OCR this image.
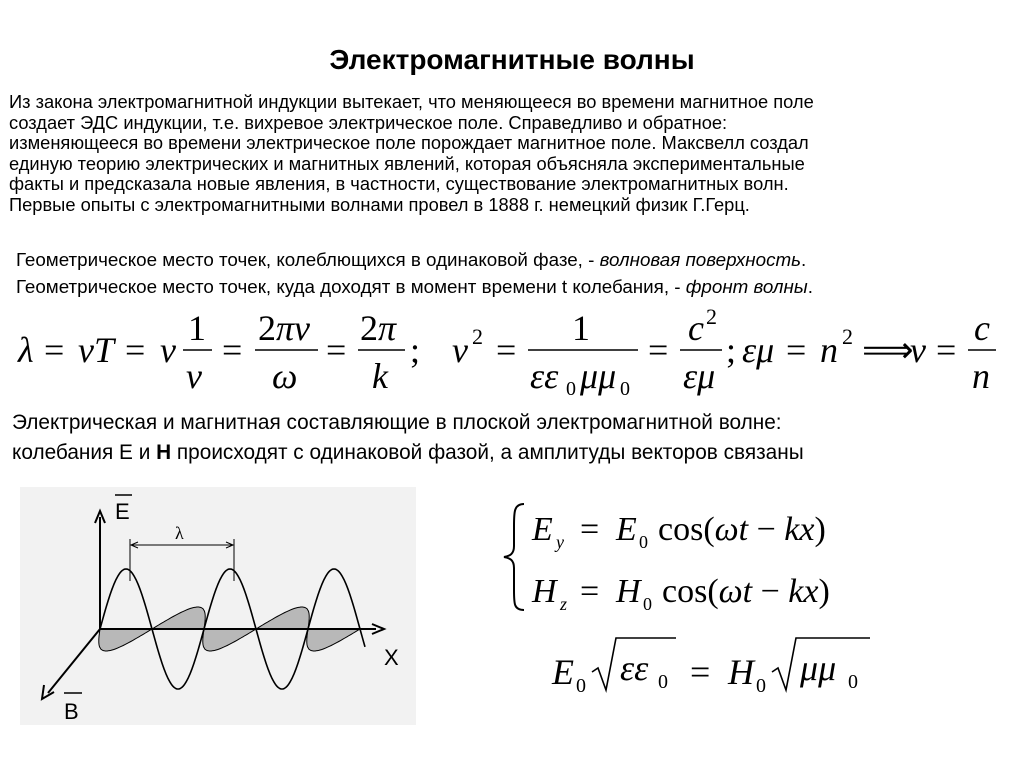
Электромагнитные волны
Из закона электромагнитной индукции вытекает, что меняющееся во времени магнитное поле
создает ЭДС индукции, т.е. вихревое электрическое поле. Справедливо и обратное:
изменяющееся во времени электрическое поле порождает магнитное поле. Максвелл создал
единую теорию электрических и магнитных явлений, которая объясняла экспериментальные
факты и предсказала новые явления, в частности, существование электромагнитных волн.
Первые опыты с электромагнитными волнами провел в 1888 г. немецкий физик Г.Герц.
Геометрическое место точек, колеблющихся в одинаковой фазе, - волновая поверхность.
Геометрическое место точек, куда доходят в момент времени t колебания, - фронт волны.
λ = vT = v
1
ν
=
2πν
ω
=
2π
k
; v 2 =
1
εε 0 μμ 0
=
c 2
εμ
; εμ = n 2 ⟹
v =
c
n
Электрическая и магнитная составляющие в плоской электромагнитной волне:
колебания E и H происходят с одинаковой фазой, а амплитуды векторов связаны
λ
E
B
X
E y = E 0 cos(ωt − kx)
H z = H 0 cos(ωt − kx)
E 0 εε 0 = H 0 μμ 0
